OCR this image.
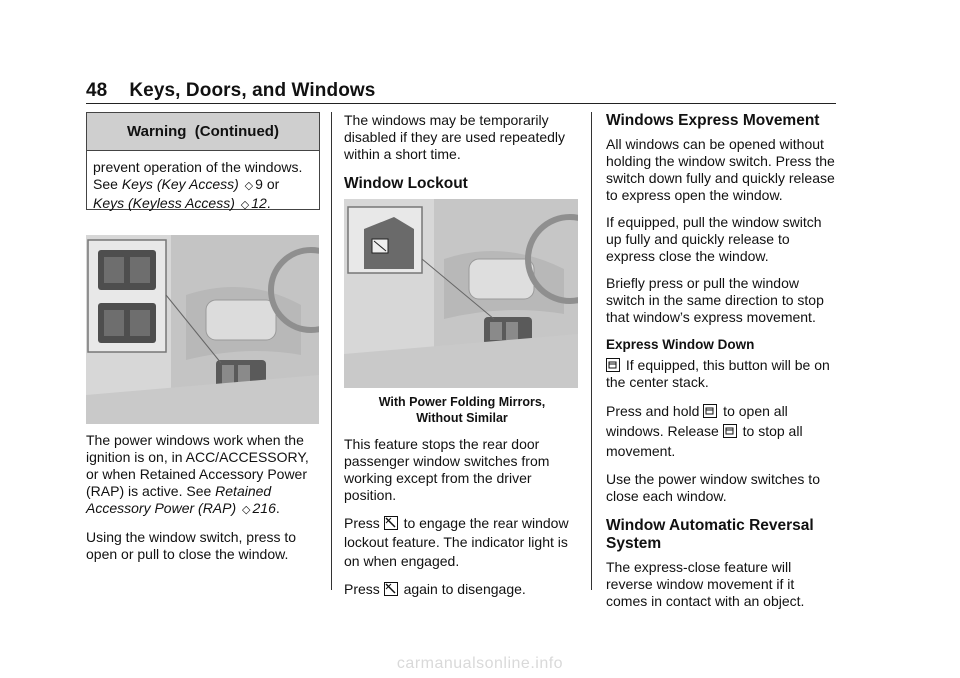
48 Keys, Doors, and Windows
Warning  (Continued)
prevent operation of the windows.
See Keys (Key Access) ◇ 9 or
Keys (Keyless Access) ◇ 12.

The power windows work when the ignition is on, in ACC/ACCESSORY, or when Retained Accessory Power (RAP) is active. See Retained Accessory Power (RAP) ◇ 216.

Using the window switch, press to open or pull to close the window.

The windows may be temporarily disabled if they are used repeatedly within a short time.

Window Lockout
With Power Folding Mirrors,
Without Similar

This feature stops the rear door passenger window switches from working except from the driver position.

Press
to engage the rear window lockout feature. The indicator light is on when engaged.

Press
again to disengage.

Windows Express Movement

All windows can be opened without holding the window switch. Press the switch down fully and quickly release to express open the window.

If equipped, pull the window switch up fully and quickly release to express close the window.

Briefly press or pull the window switch in the same direction to stop that window’s express movement.

Express Window Down

If equipped, this button will be on the center stack.

Press and hold
to open all windows. Release
to stop all movement.

Use the power window switches to close each window.

Window Automatic Reversal System

The express-close feature will reverse window movement if it comes in contact with an object.

carmanualsonline.info
